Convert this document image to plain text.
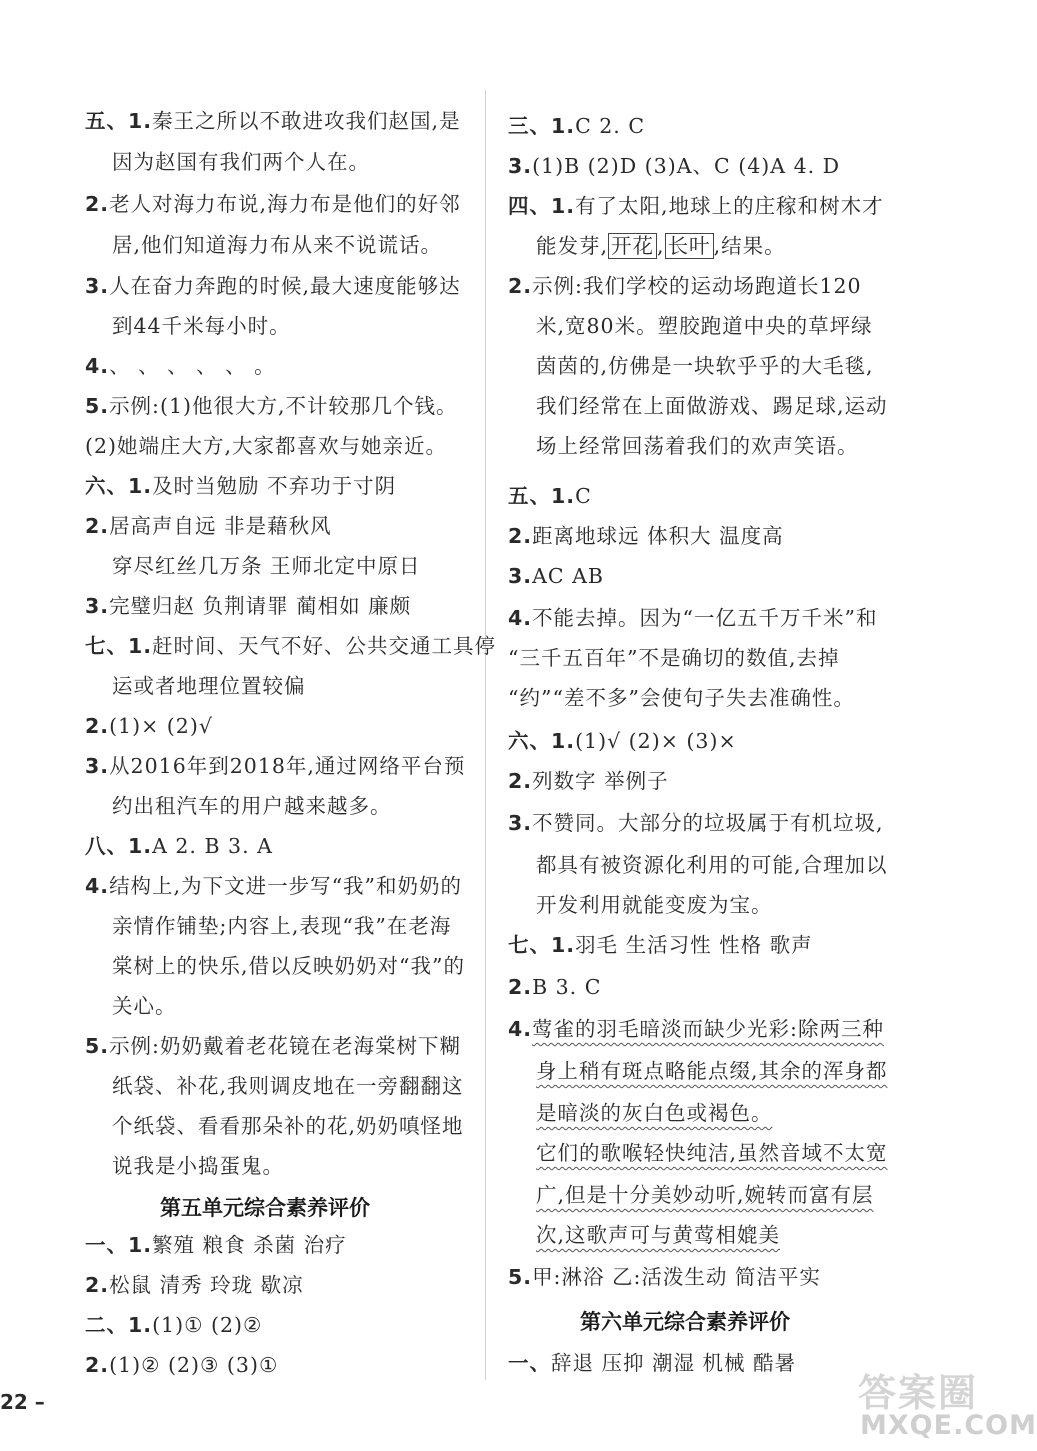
五、1.秦王之所以不敢进攻我们赵国,是
因为赵国有我们两个人在。
2.老人对海力布说,海力布是他们的好邻
居,他们知道海力布从来不说谎话。
3.人在奋力奔跑的时候,最大速度能够达
到44千米每小时。
4.、 、 、 、 、 。
5.示例:(1)他很大方,不计较那几个钱。
(2)她端庄大方,大家都喜欢与她亲近。
六、1.及时当勉励 不弃功于寸阴
2.居高声自远 非是藉秋风
穿尽红丝几万条 王师北定中原日
3.完璧归赵 负荆请罪 蔺相如 廉颇
七、1.赶时间、天气不好、公共交通工具停
运或者地理位置较偏
2.(1)× (2)√
3.从2016年到2018年,通过网络平台预
约出租汽车的用户越来越多。
八、1.A 2. B 3. A
4.结构上,为下文进一步写“我”和奶奶的
亲情作铺垫;内容上,表现“我”在老海
棠树上的快乐,借以反映奶奶对“我”的
关心。
5.示例:奶奶戴着老花镜在老海棠树下糊
纸袋、补花,我则调皮地在一旁翻翻这
个纸袋、看看那朵补的花,奶奶嗔怪地
说我是小捣蛋鬼。
第五单元综合素养评价
一、1.繁殖 粮食 杀菌 治疗
2.松鼠 清秀 玲珑 歇凉
二、1.(1)① (2)②
2.(1)② (2)③ (3)①
三、1.C 2. C
3.(1)B (2)D (3)A、C (4)A 4. D
四、1.有了太阳,地球上的庄稼和树木才
能发芽, 开花 , 长叶 ,结果。
2.示例:我们学校的运动场跑道长120
米,宽80米。塑胶跑道中央的草坪绿
茵茵的,仿佛是一块软乎乎的大毛毯,
我们经常在上面做游戏、踢足球,运动
场上经常回荡着我们的欢声笑语。
五、1.C
2.距离地球远 体积大 温度高
3.AC AB
4.不能去掉。因为“一亿五千万千米”和
“三千五百年”不是确切的数值,去掉
“约”“差不多”会使句子失去准确性。
六、1.(1)√ (2)× (3)×
2.列数字 举例子
3.不赞同。大部分的垃圾属于有机垃圾,
都具有被资源化利用的可能,合理加以
开发利用就能变废为宝。
七、1.羽毛 生活习性 性格 歌声
2.B 3. C
4.莺雀的羽毛暗淡而缺少光彩:除两三种
身上稍有斑点略能点缀,其余的浑身都
是暗淡的灰白色或褐色。
它们的歌喉轻快纯洁,虽然音域不太宽
广,但是十分美妙动听,婉转而富有层
次,这歌声可与黄莺相媲美
5.甲:淋浴 乙:活泼生动 简洁平实
第六单元综合素养评价
一、辞退 压抑 潮湿 机械 酷暑
22 –	答案圈
MXQE.COM
